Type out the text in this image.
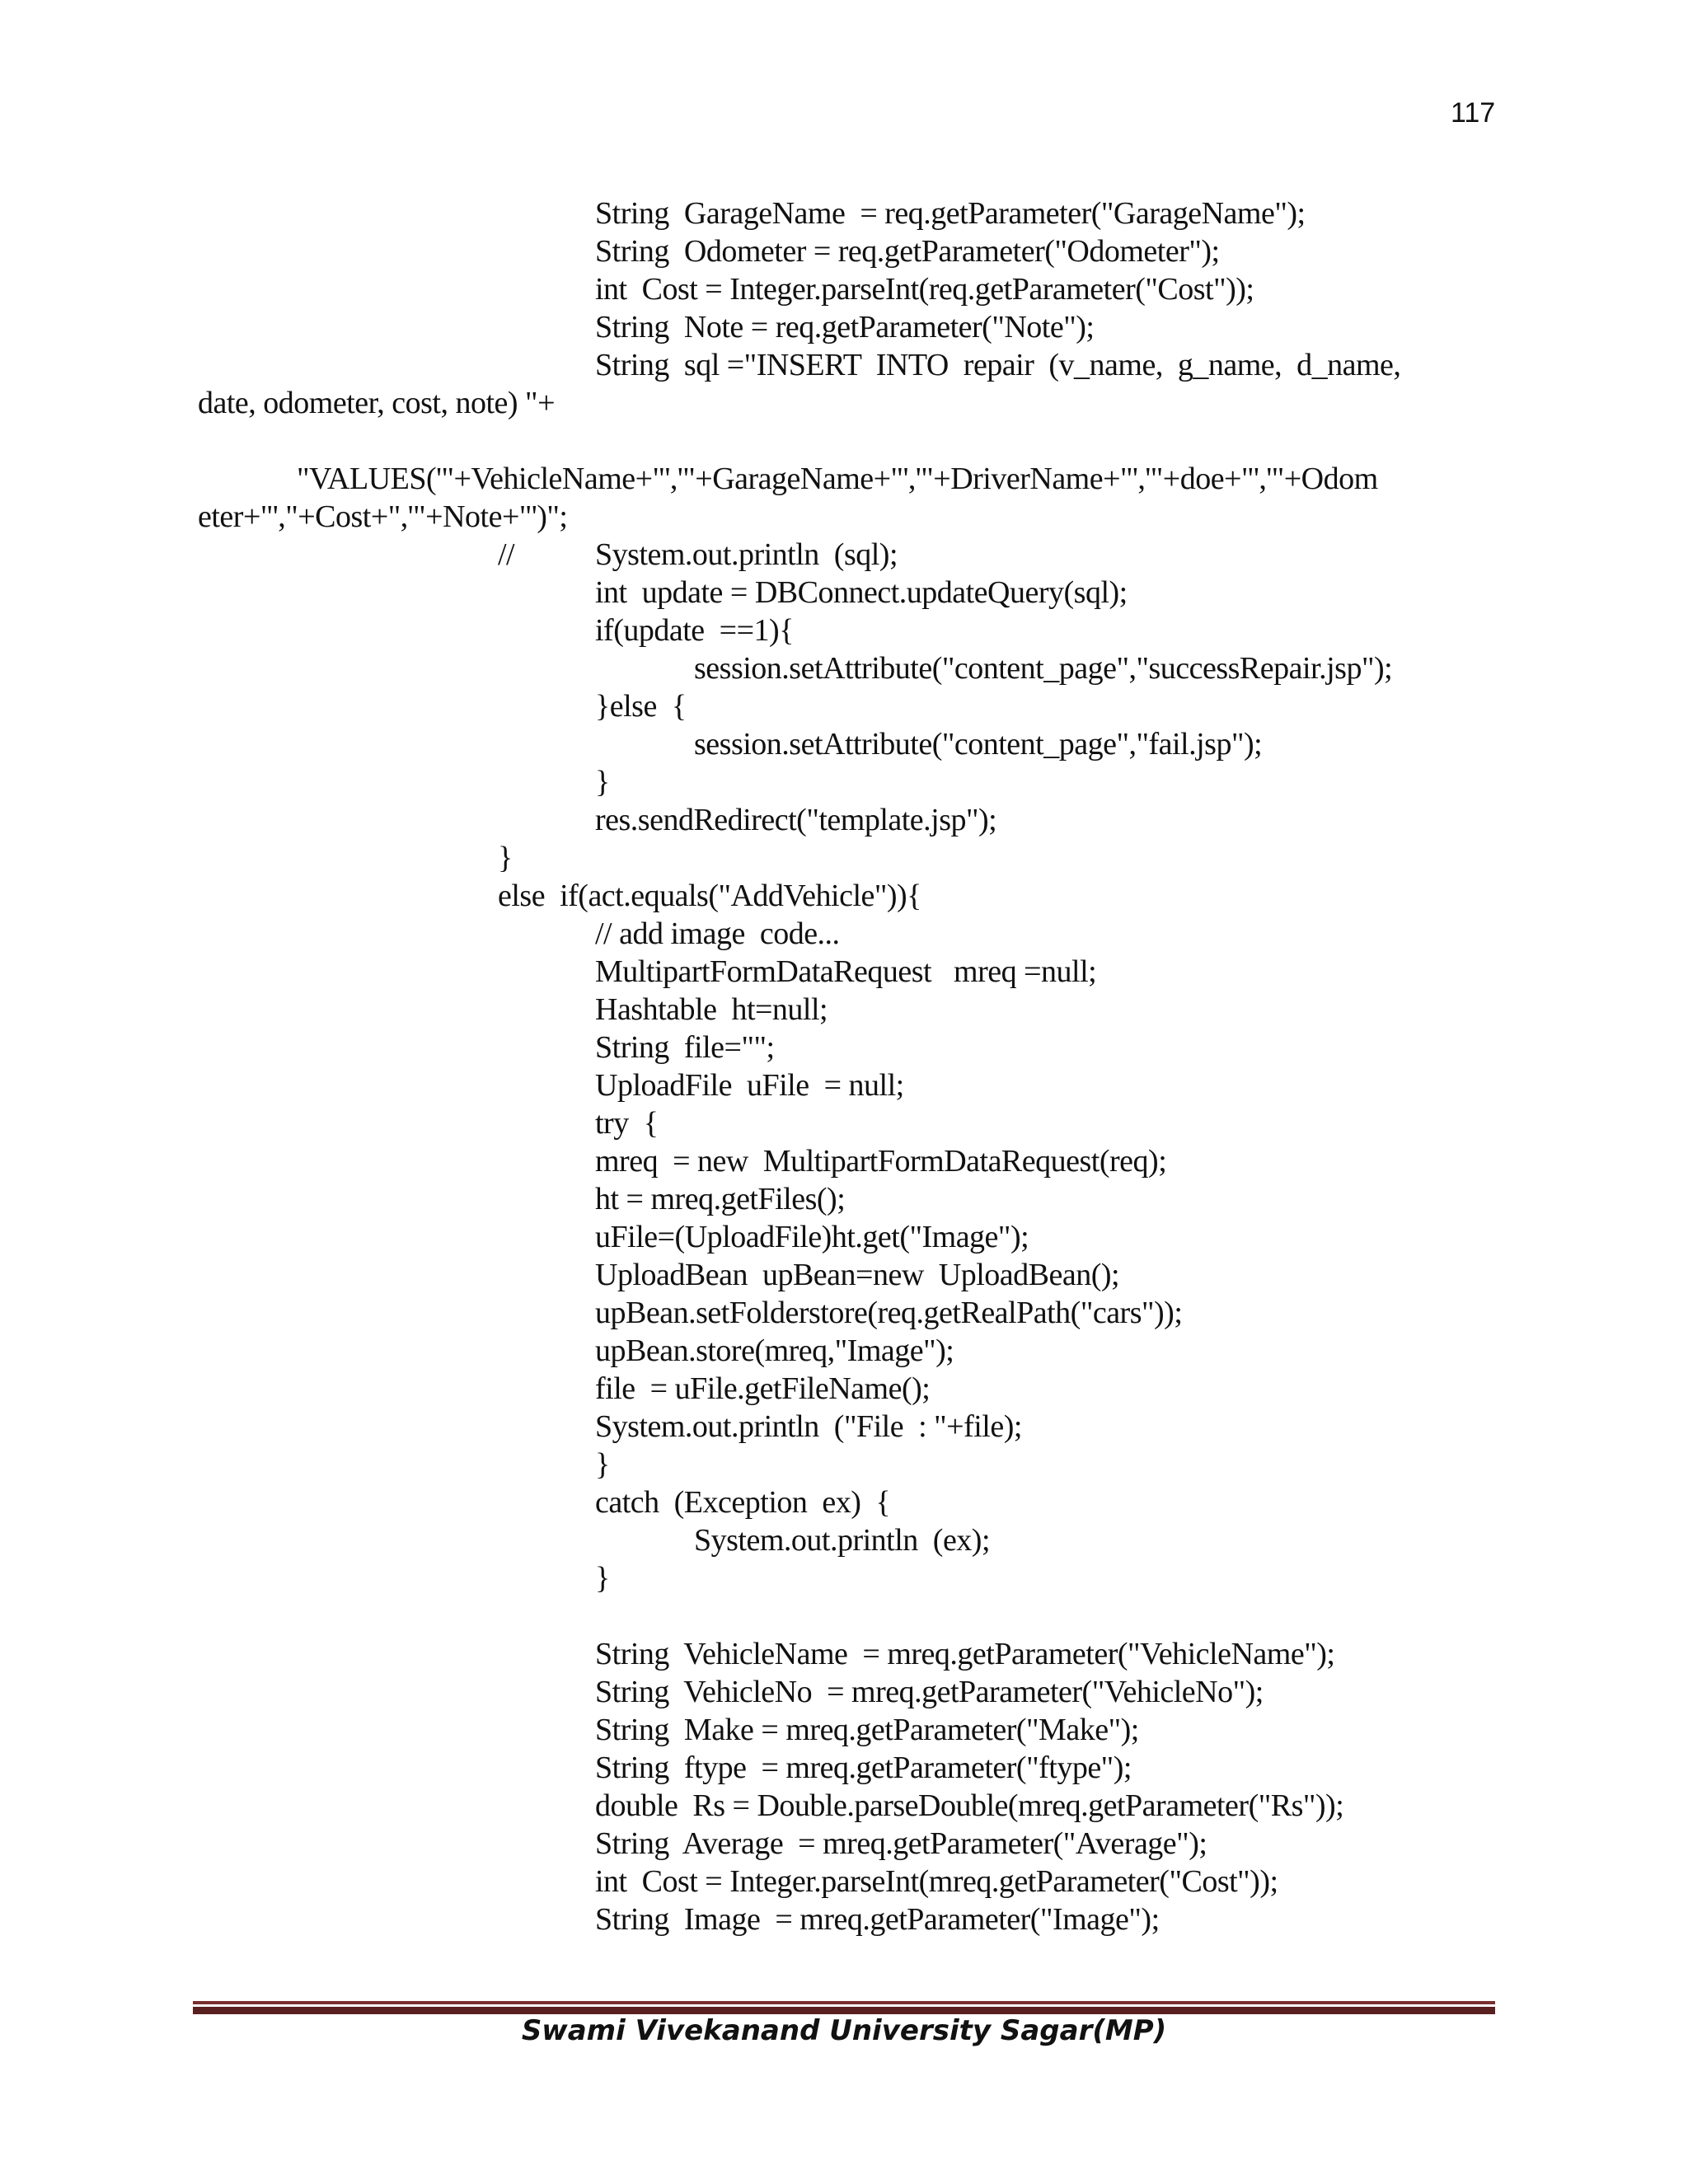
117
String  GarageName  = req.getParameter("GarageName");
String  Odometer = req.getParameter("Odometer");
int  Cost = Integer.parseInt(req.getParameter("Cost"));
String  Note = req.getParameter("Note");
String  sql ="INSERT  INTO  repair  (v_name,  g_name,  d_name,
date, odometer, cost, note) "+
"VALUES('"+VehicleName+"','"+GarageName+"','"+DriverName+"','"+doe+"','"+Odom
eter+"',"+Cost+",'"+Note+"')";
//	System.out.println  (sql);
int  update = DBConnect.updateQuery(sql);
if(update  ==1){
session.setAttribute("content_page","successRepair.jsp");
}else  {
session.setAttribute("content_page","fail.jsp");
}
res.sendRedirect("template.jsp");
}
else  if(act.equals("AddVehicle")){
// add image  code...
MultipartFormDataRequest   mreq =null;
Hashtable  ht=null;
String  file="";
UploadFile  uFile  = null;
try  {
mreq  = new  MultipartFormDataRequest(req);
ht = mreq.getFiles();
uFile=(UploadFile)ht.get("Image");
UploadBean  upBean=new  UploadBean();
upBean.setFolderstore(req.getRealPath("cars"));
upBean.store(mreq,"Image");
file  = uFile.getFileName();
System.out.println  ("File  : "+file);
}
catch  (Exception  ex)  {
System.out.println  (ex);
}
String  VehicleName  = mreq.getParameter("VehicleName");
String  VehicleNo  = mreq.getParameter("VehicleNo");
String  Make = mreq.getParameter("Make");
String  ftype  = mreq.getParameter("ftype");
double  Rs = Double.parseDouble(mreq.getParameter("Rs"));
String  Average  = mreq.getParameter("Average");
int  Cost = Integer.parseInt(mreq.getParameter("Cost"));
String  Image  = mreq.getParameter("Image");
Swami Vivekanand University Sagar(MP)
